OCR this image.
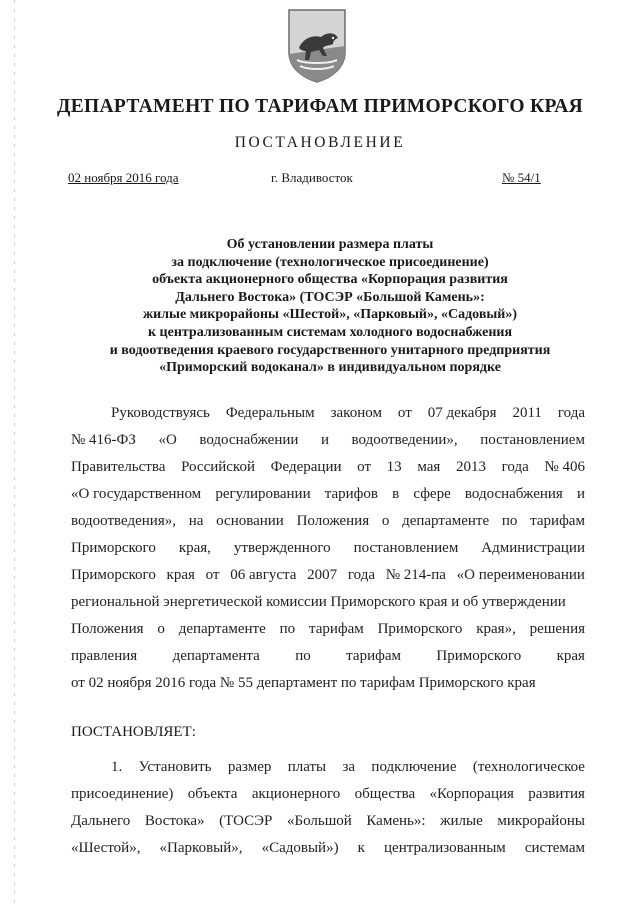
ДЕПАРТАМЕНТ ПО ТАРИФАМ ПРИМОРСКОГО КРАЯ
ПОСТАНОВЛЕНИЕ
02 ноября 2016 года	г. Владивосток	№ 54/1
Об установлении размера платы
за подключение (технологическое присоединение)
объекта акционерного общества «Корпорация развития
Дальнего Востока» (ТОСЭР «Большой Камень»:
жилые микрорайоны «Шестой», «Парковый», «Садовый»)
к централизованным системам холодного водоснабжения
и водоотведения краевого государственного унитарного предприятия
«Приморский водоканал» в индивидуальном порядке
Руководствуясь Федеральным законом от 07 декабря 2011 года
№ 416-ФЗ «О водоснабжении и водоотведении», постановлением
Правительства Российской Федерации от 13 мая 2013 года № 406
«О государственном регулировании тарифов в сфере водоснабжения и
водоотведения», на основании Положения о департаменте по тарифам
Приморского края, утвержденного постановлением Администрации
Приморского края от 06 августа 2007 года № 214-па «О переименовании
региональной энергетической комиссии Приморского края и об утверждении
Положения о департаменте по тарифам Приморского края», решения
правления департамента по тарифам Приморского края
от 02 ноября 2016 года № 55 департамент по тарифам Приморского края
ПОСТАНОВЛЯЕТ:
1. Установить размер платы за подключение (технологическое
присоединение) объекта акционерного общества «Корпорация развития
Дальнего Востока» (ТОСЭР «Большой Камень»: жилые микрорайоны
«Шестой», «Парковый», «Садовый») к централизованным системам
